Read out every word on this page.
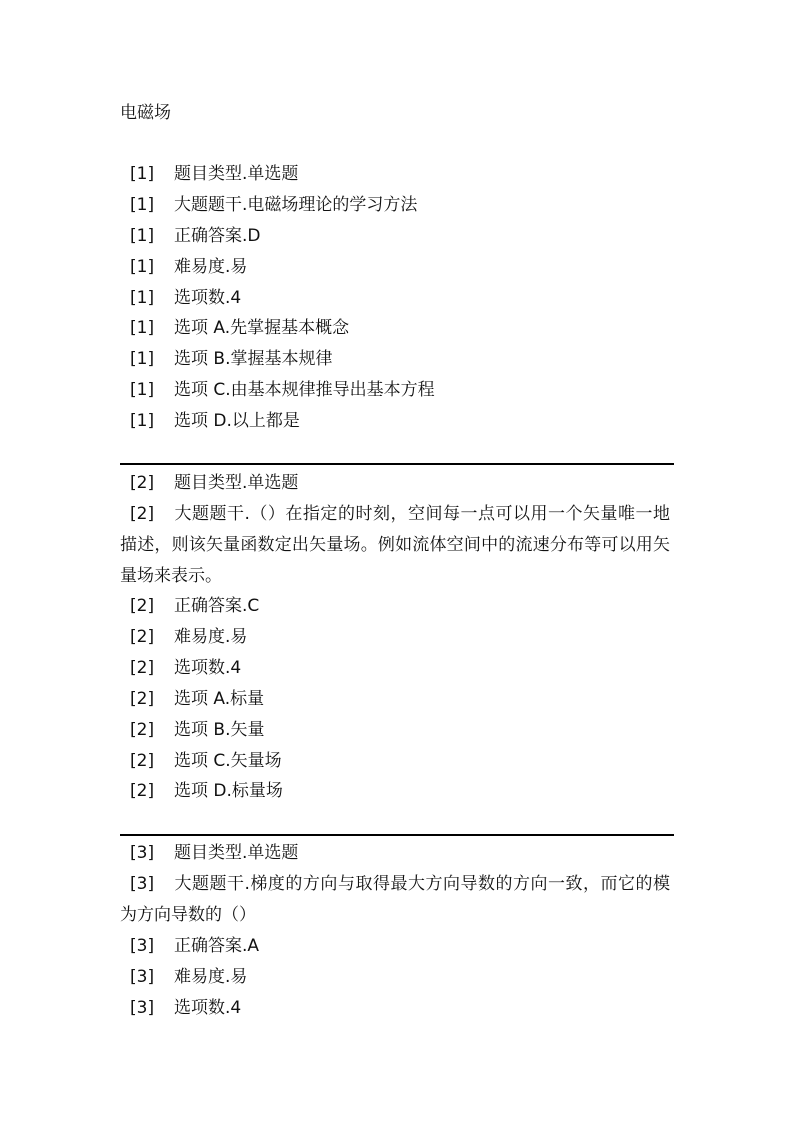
电磁场
[1] 题目类型.单选题
[1] 大题题干.电磁场理论的学习方法
[1] 正确答案.D
[1] 难易度.易
[1] 选项数.4
[1] 选项 A.先掌握基本概念
[1] 选项 B.掌握基本规律
[1] 选项 C.由基本规律推导出基本方程
[1] 选项 D.以上都是
[2] 题目类型.单选题
[2] 大题题干.（）在指定的时刻，空间每一点可以用一个矢量唯一地描述，则该矢量函数定出矢量场。例如流体空间中的流速分布等可以用矢量场来表示。
[2] 正确答案.C
[2] 难易度.易
[2] 选项数.4
[2] 选项 A.标量
[2] 选项 B.矢量
[2] 选项 C.矢量场
[2] 选项 D.标量场
[3] 题目类型.单选题
[3] 大题题干.梯度的方向与取得最大方向导数的方向一致，而它的模为方向导数的（）
[3] 正确答案.A
[3] 难易度.易
[3] 选项数.4
